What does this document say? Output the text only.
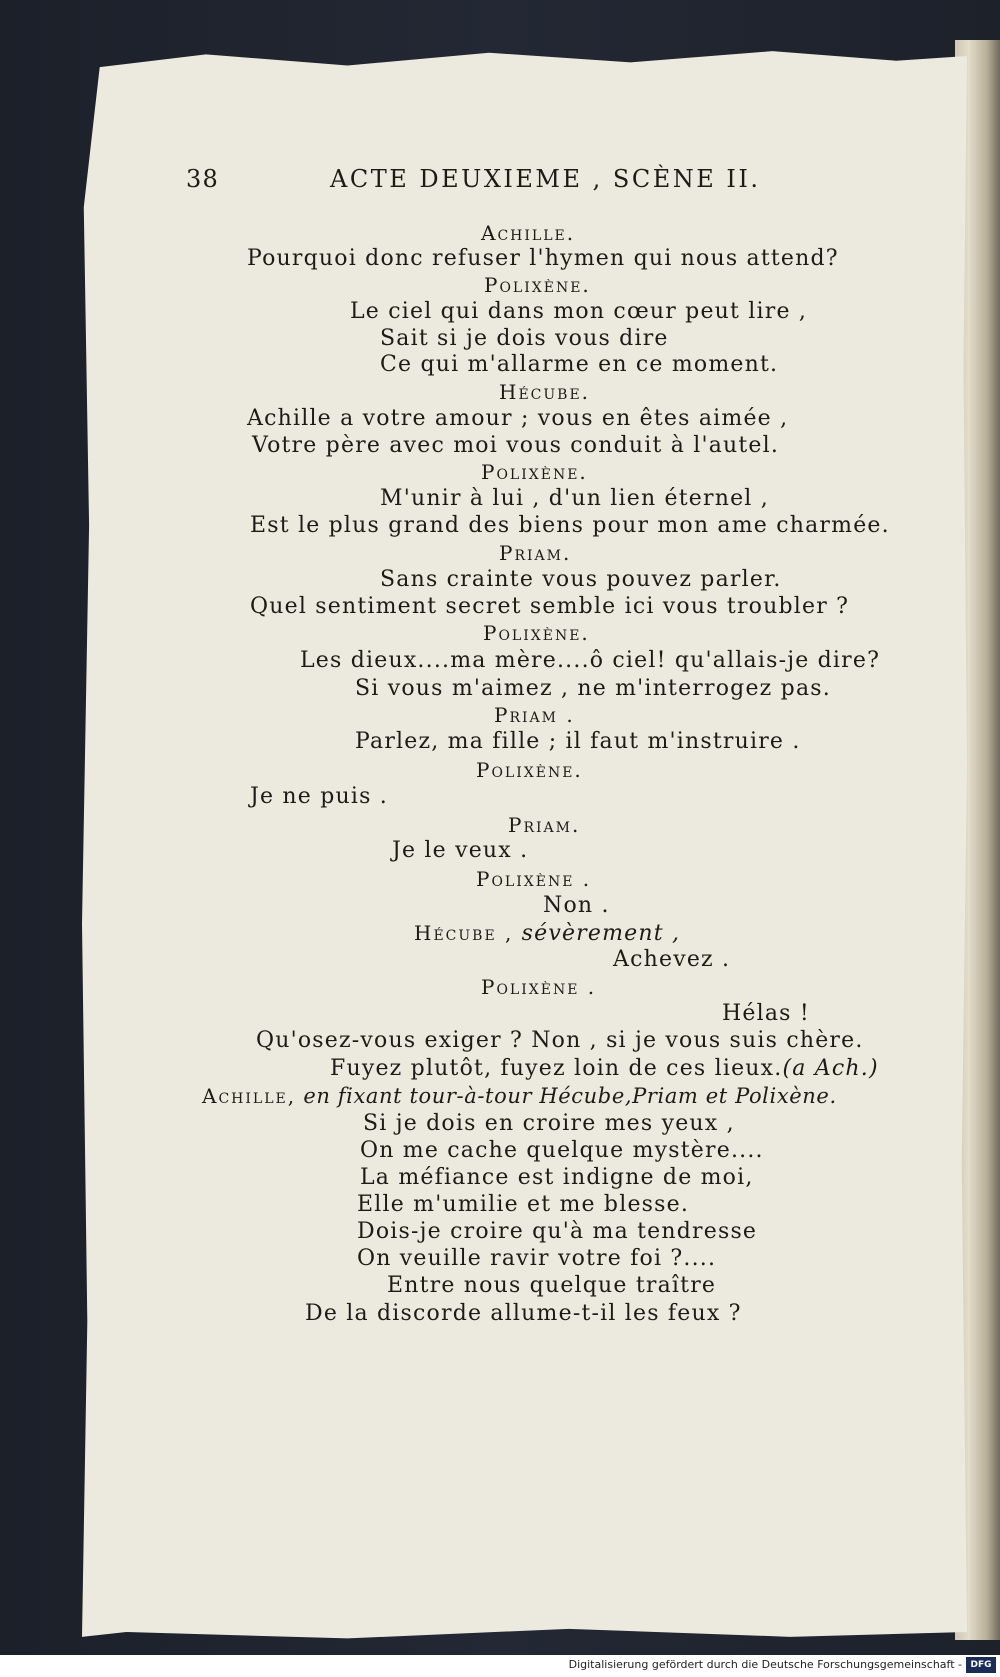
38	ACTE DEUXIEME , SCÈNE II.
Achille.
Pourquoi donc refuser l'hymen qui nous attend?
Polixène.
Le ciel qui dans mon cœur peut lire ,
Sait si je dois vous dire
Ce qui m'allarme en ce moment.
Hécube.
Achille a votre amour ; vous en êtes aimée ,
Votre père avec moi vous conduit à l'autel.
Polixène.
M'unir à lui , d'un lien éternel ,
Est le plus grand des biens pour mon ame charmée.
Priam.
Sans crainte vous pouvez parler.
Quel sentiment secret semble ici vous troubler ?
Polixène.
Les dieux....ma mère....ô ciel! qu'allais-je dire?
Si vous m'aimez , ne m'interrogez pas.
Priam .
Parlez, ma fille ; il faut m'instruire .
Polixène.
Je ne puis .
Priam.
Je le veux .
Polixène .
Non .
Hécube , sévèrement ,
Achevez .
Polixène .
Hélas !
Qu'osez-vous exiger ? Non , si je vous suis chère.
Fuyez plutôt, fuyez loin de ces lieux.(a Ach.)
Achille, en fixant tour-à-tour Hécube,Priam et Polixène.
Si je dois en croire mes yeux ,
On me cache quelque mystère....
La méfiance est indigne de moi,
Elle m'umilie et me blesse.
Dois-je croire qu'à ma tendresse
On veuille ravir votre foi ?....
Entre nous quelque traître
De la discorde allume-t-il les feux ?
Digitalisierung gefördert durch die Deutsche Forschungsgemeinschaft - DFG
